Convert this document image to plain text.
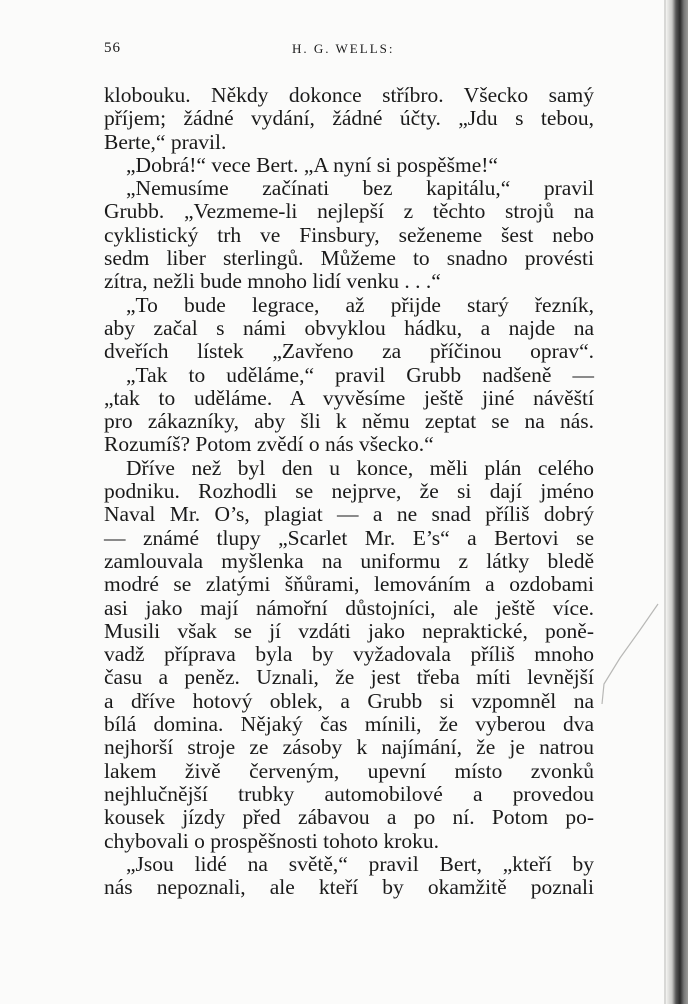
56	H. G. WELLS:
klobouku. Někdy dokonce stříbro. Všecko samý
příjem; žádné vydání, žádné účty. „Jdu s tebou,
Berte,“ pravil.
„Dobrá!“ vece Bert. „A nyní si pospěšme!“
„Nemusíme začínati bez kapitálu,“ pravil
Grubb. „Vezmeme-li nejlepší z těchto strojů na
cyklistický trh ve Finsbury, seženeme šest nebo
sedm liber sterlingů. Můžeme to snadno provésti
zítra, nežli bude mnoho lidí venku . . .“
„To bude legrace, až přijde starý řezník,
aby začal s námi obvyklou hádku, a najde na
dveřích lístek „Zavřeno za příčinou oprav“.
„Tak to uděláme,“ pravil Grubb nadšeně —
„tak to uděláme. A vyvěsíme ještě jiné návěští
pro zákazníky, aby šli k němu zeptat se na nás.
Rozumíš? Potom zvědí o nás všecko.“
Dříve než byl den u konce, měli plán celého
podniku. Rozhodli se nejprve, že si dají jméno
Naval Mr. O’s, plagiat — a ne snad příliš dobrý
— známé tlupy „Scarlet Mr. E’s“ a Bertovi se
zamlouvala myšlenka na uniformu z látky bledě
modré se zlatými šňůrami, lemováním a ozdobami
asi jako mají námořní důstojníci, ale ještě více.
Musili však se jí vzdáti jako nepraktické, poně-
vadž příprava byla by vyžadovala příliš mnoho
času a peněz. Uznali, že jest třeba míti levnější
a dříve hotový oblek, a Grubb si vzpomněl na
bílá domina. Nějaký čas mínili, že vyberou dva
nejhorší stroje ze zásoby k najímání, že je natrou
lakem živě červeným, upevní místo zvonků
nejhlučnější trubky automobilové a provedou
kousek jízdy před zábavou a po ní. Potom po-
chybovali o prospěšnosti tohoto kroku.
„Jsou lidé na světě,“ pravil Bert, „kteří by
nás nepoznali, ale kteří by okamžitě poznali
